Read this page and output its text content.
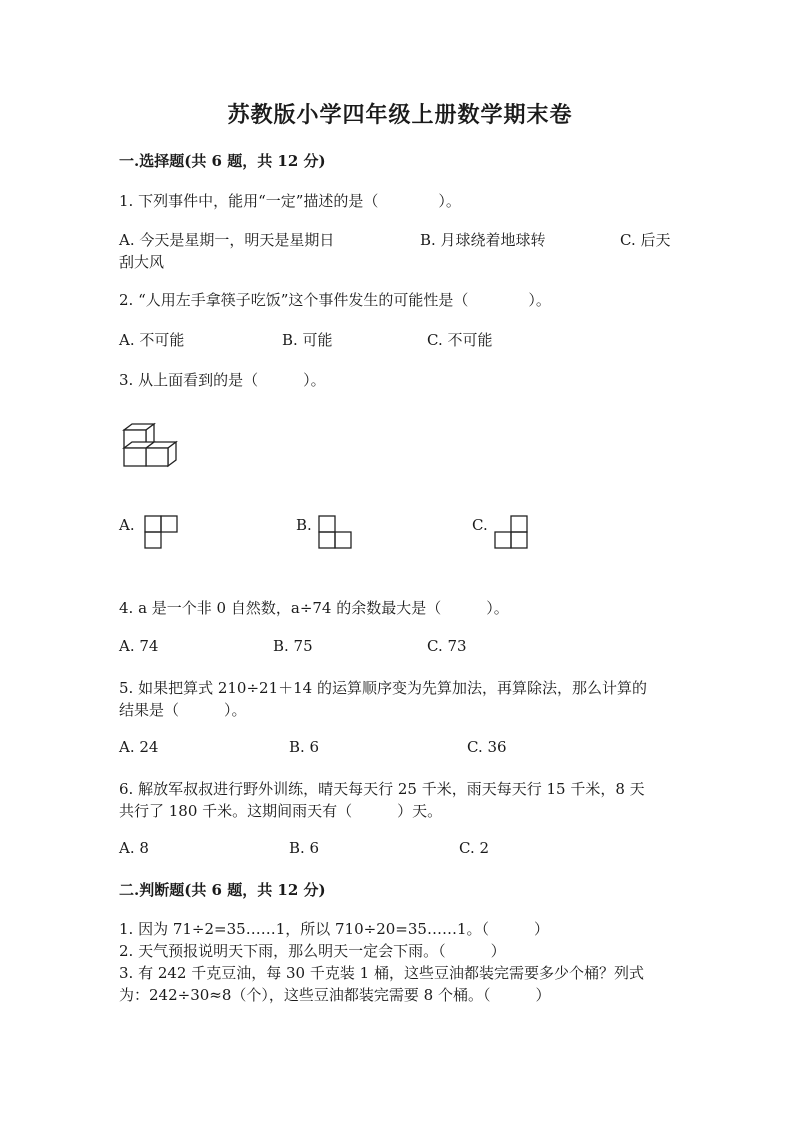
苏教版小学四年级上册数学期末卷
一.选择题(共 6 题，共 12 分)
1. 下列事件中，能用“一定”描述的是（　　　　）。
A. 今天是星期一，明天是星期日	B. 月球绕着地球转	C. 后天
刮大风
2. “人用左手拿筷子吃饭”这个事件发生的可能性是（　　　　）。
A. 不可能	B. 可能	C. 不可能
3. 从上面看到的是（　　　）。
A.	B.	C.
4. a 是一个非 0 自然数，a÷74 的余数最大是（　　　）。
A. 74	B. 75	C. 73
5. 如果把算式 210÷21＋14 的运算顺序变为先算加法，再算除法，那么计算的
结果是（　　　）。
A. 24	B. 6	C. 36
6. 解放军叔叔进行野外训练，晴天每天行 25 千米，雨天每天行 15 千米，8 天
共行了 180 千米。这期间雨天有（　　　）天。
A. 8	B. 6	C. 2
二.判断题(共 6 题，共 12 分)
1. 因为 71÷2=35……1，所以 710÷20=35……1。（　　　）
2. 天气预报说明天下雨，那么明天一定会下雨。（　　　）
3. 有 242 千克豆油，每 30 千克装 1 桶，这些豆油都装完需要多少个桶？列式
为：242÷30≈8（个），这些豆油都装完需要 8 个桶。（　　　）
